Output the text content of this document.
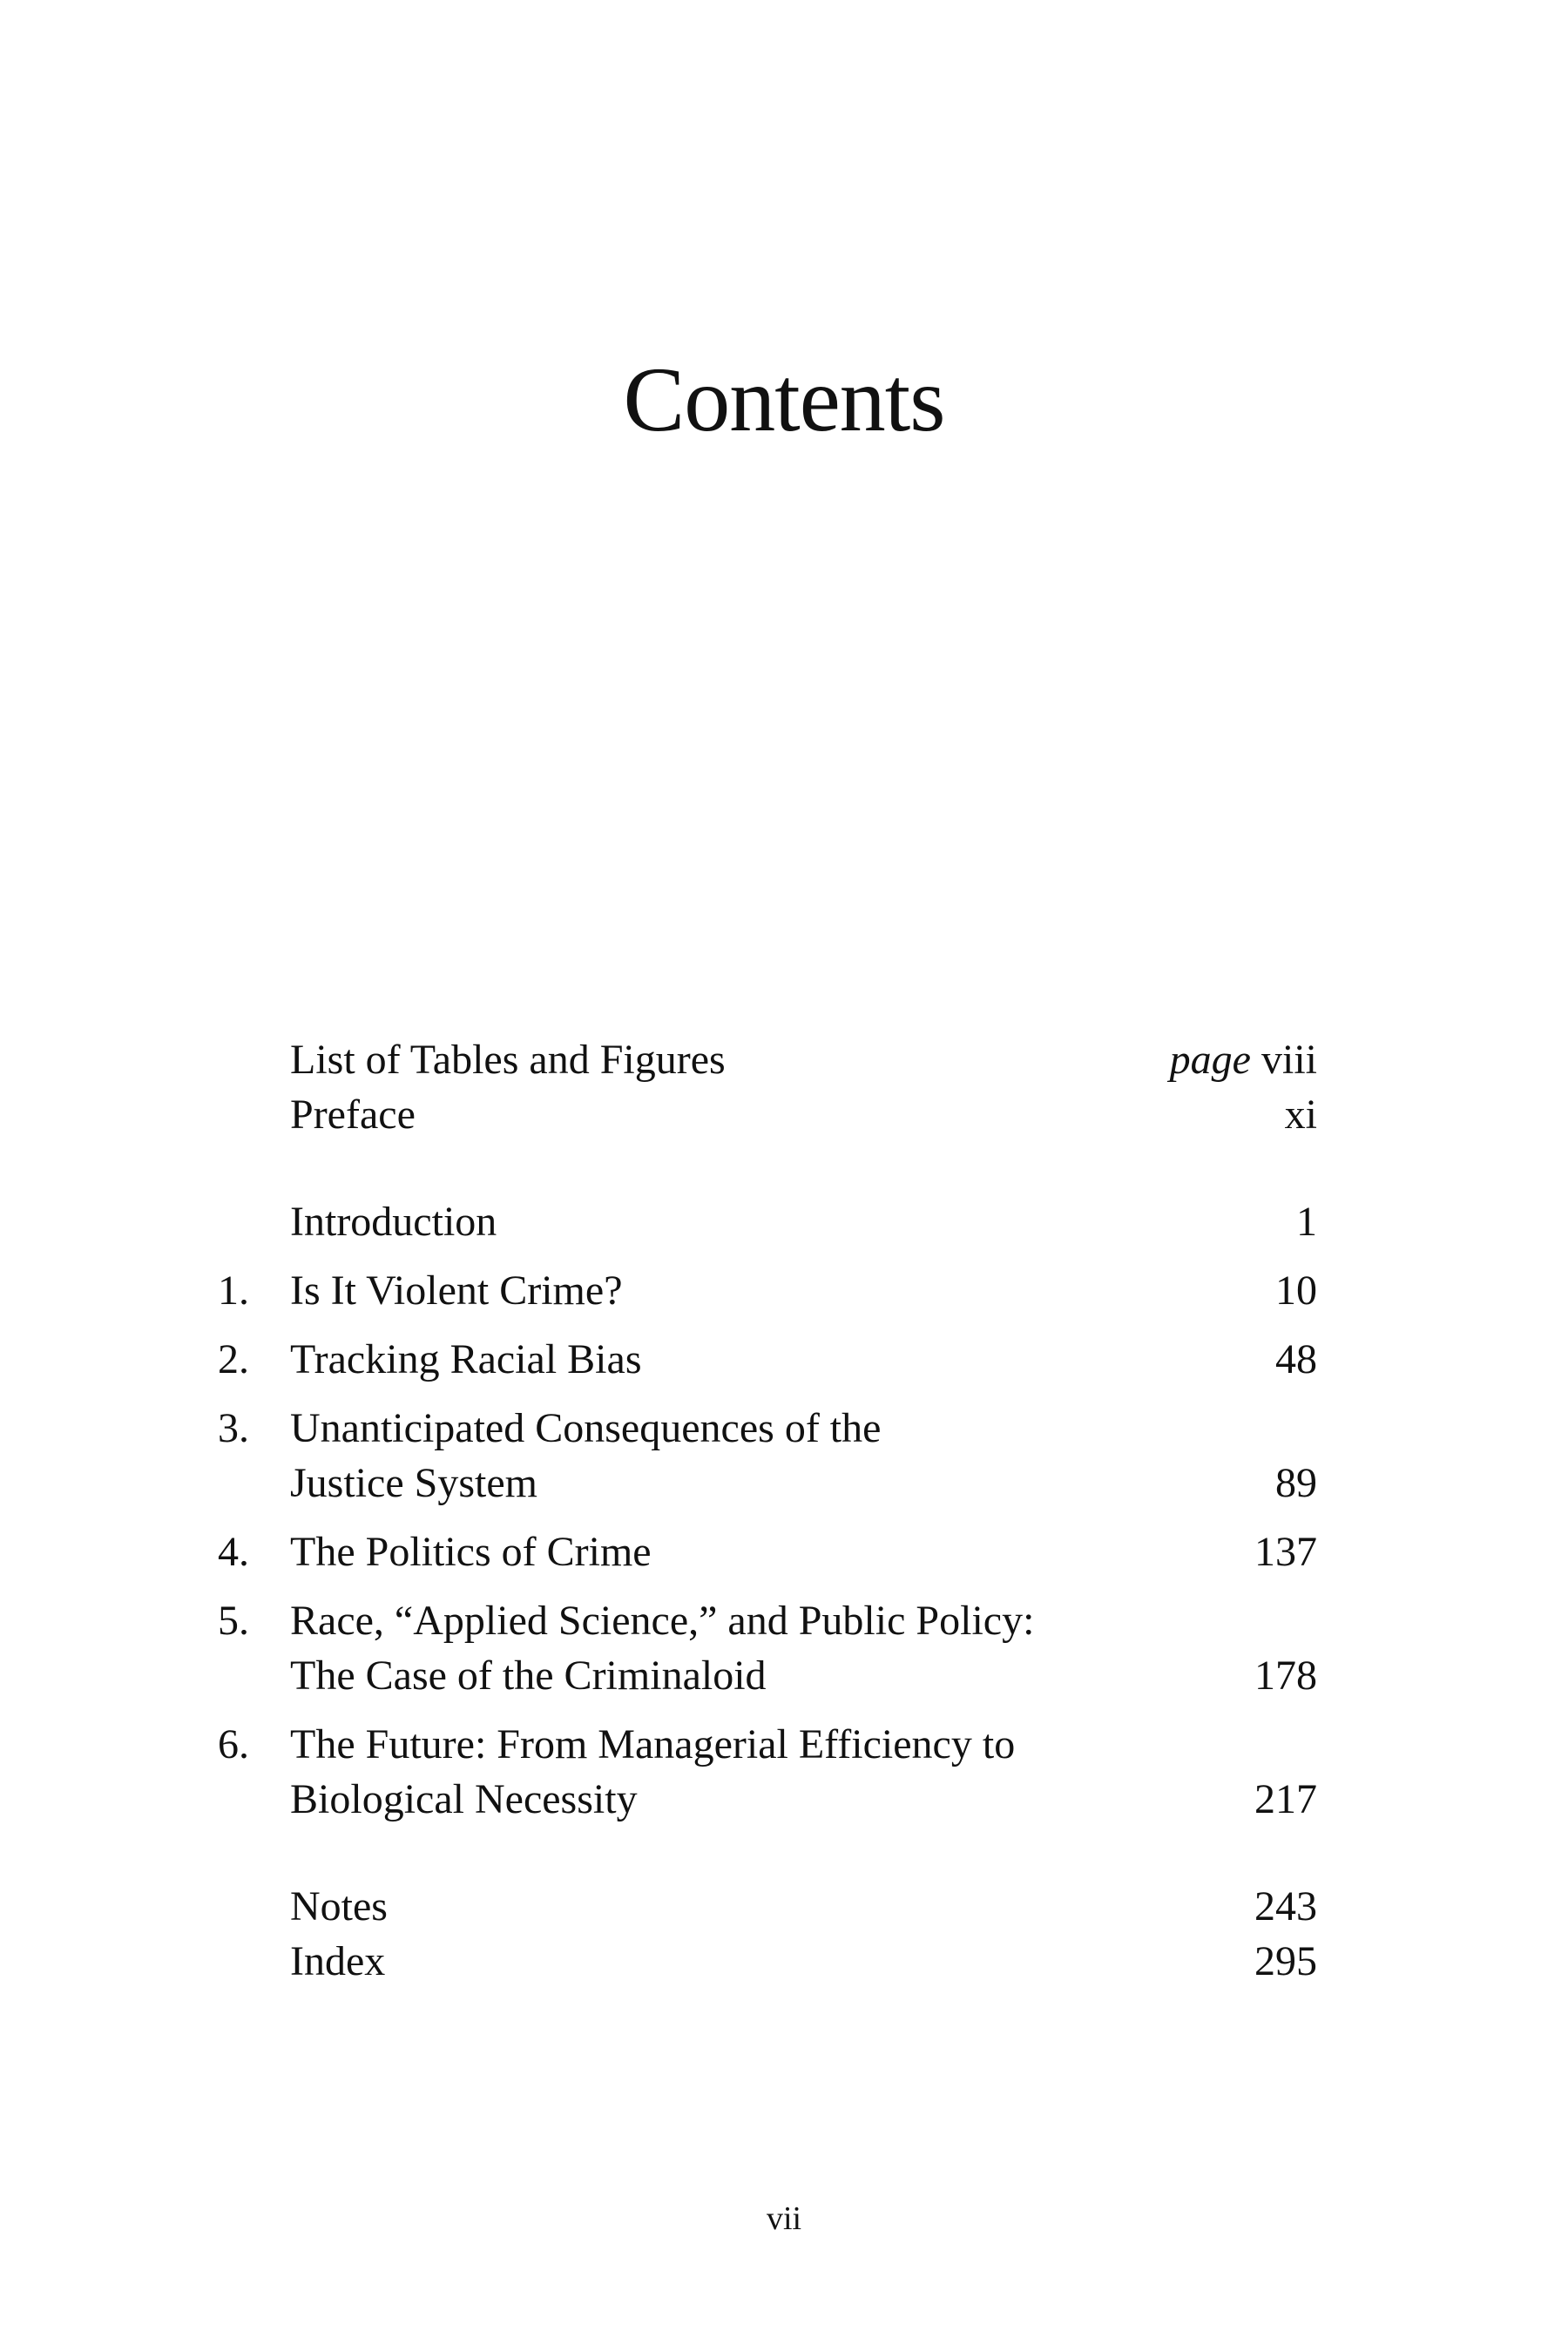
Contents
List of Tables and Figures	page viii
Preface	xi
Introduction	1
1. Is It Violent Crime?	10
2. Tracking Racial Bias	48
3. Unanticipated Consequences of the Justice System	89
4. The Politics of Crime	137
5. Race, “Applied Science,” and Public Policy: The Case of the Criminaloid	178
6. The Future: From Managerial Efficiency to Biological Necessity	217
Notes	243
Index	295
vii
